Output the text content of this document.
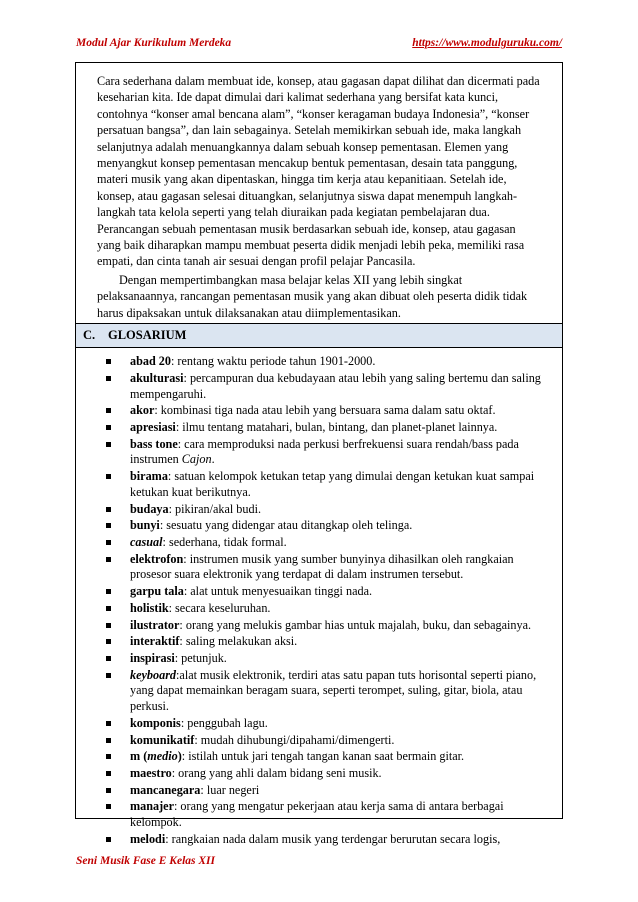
Modul Ajar Kurikulum Merdeka	https://www.modulguruku.com/

Cara sederhana dalam membuat ide, konsep, atau gagasan dapat dilihat dan dicermati pada keseharian kita. Ide dapat dimulai dari kalimat sederhana yang bersifat kata kunci, contohnya “konser amal bencana alam”, “konser keragaman budaya Indonesia”, “konser persatuan bangsa”, dan lain sebagainya. Setelah memikirkan sebuah ide, maka langkah selanjutnya adalah menuangkannya dalam sebuah konsep pementasan. Elemen yang menyangkut konsep pementasan mencakup bentuk pementasan, desain tata panggung, materi musik yang akan dipentaskan, hingga tim kerja atau kepanitiaan. Setelah ide, konsep, atau gagasan selesai dituangkan, selanjutnya siswa dapat menempuh langkah-langkah tata kelola seperti yang telah diuraikan pada kegiatan pembelajaran dua. Perancangan sebuah pementasan musik berdasarkan sebuah ide, konsep, atau gagasan yang baik diharapkan mampu membuat peserta didik menjadi lebih peka, memiliki rasa empati, dan cinta tanah air sesuai dengan profil pelajar Pancasila.

Dengan mempertimbangkan masa belajar kelas XII yang lebih singkat pelaksanaannya, rancangan pementasan musik yang akan dibuat oleh peserta didik tidak harus dipaksakan untuk dilaksanakan atau diimplementasikan.

C.	GLOSARIUM
abad 20: rentang waktu periode tahun 1901-2000.
akulturasi: percampuran dua kebudayaan atau lebih yang saling bertemu dan saling mempengaruhi.
akor: kombinasi tiga nada atau lebih yang bersuara sama dalam satu oktaf.
apresiasi: ilmu tentang matahari, bulan, bintang, dan planet-planet lainnya.
bass tone: cara memproduksi nada perkusi berfrekuensi suara rendah/bass pada instrumen Cajon.
birama: satuan kelompok ketukan tetap yang dimulai dengan ketukan kuat sampai ketukan kuat berikutnya.
budaya: pikiran/akal budi.
bunyi: sesuatu yang didengar atau ditangkap oleh telinga.
casual: sederhana, tidak formal.
elektrofon: instrumen musik yang sumber bunyinya dihasilkan oleh rangkaian prosesor suara elektronik yang terdapat di dalam instrumen tersebut.
garpu tala: alat untuk menyesuaikan tinggi nada.
holistik: secara keseluruhan.
ilustrator: orang yang melukis gambar hias untuk majalah, buku, dan sebagainya.
interaktif: saling melakukan aksi.
inspirasi: petunjuk.
keyboard:alat musik elektronik, terdiri atas satu papan tuts horisontal seperti piano, yang dapat memainkan beragam suara, seperti terompet, suling, gitar, biola, atau perkusi.
komponis: penggubah lagu.
komunikatif: mudah dihubungi/dipahami/dimengerti.
m (medio): istilah untuk jari tengah tangan kanan saat bermain gitar.
maestro: orang yang ahli dalam bidang seni musik.
mancanegara: luar negeri
manajer: orang yang mengatur pekerjaan atau kerja sama di antara berbagai kelompok.
melodi: rangkaian nada dalam musik yang terdengar berurutan secara logis,
Seni Musik Fase E Kelas XII
